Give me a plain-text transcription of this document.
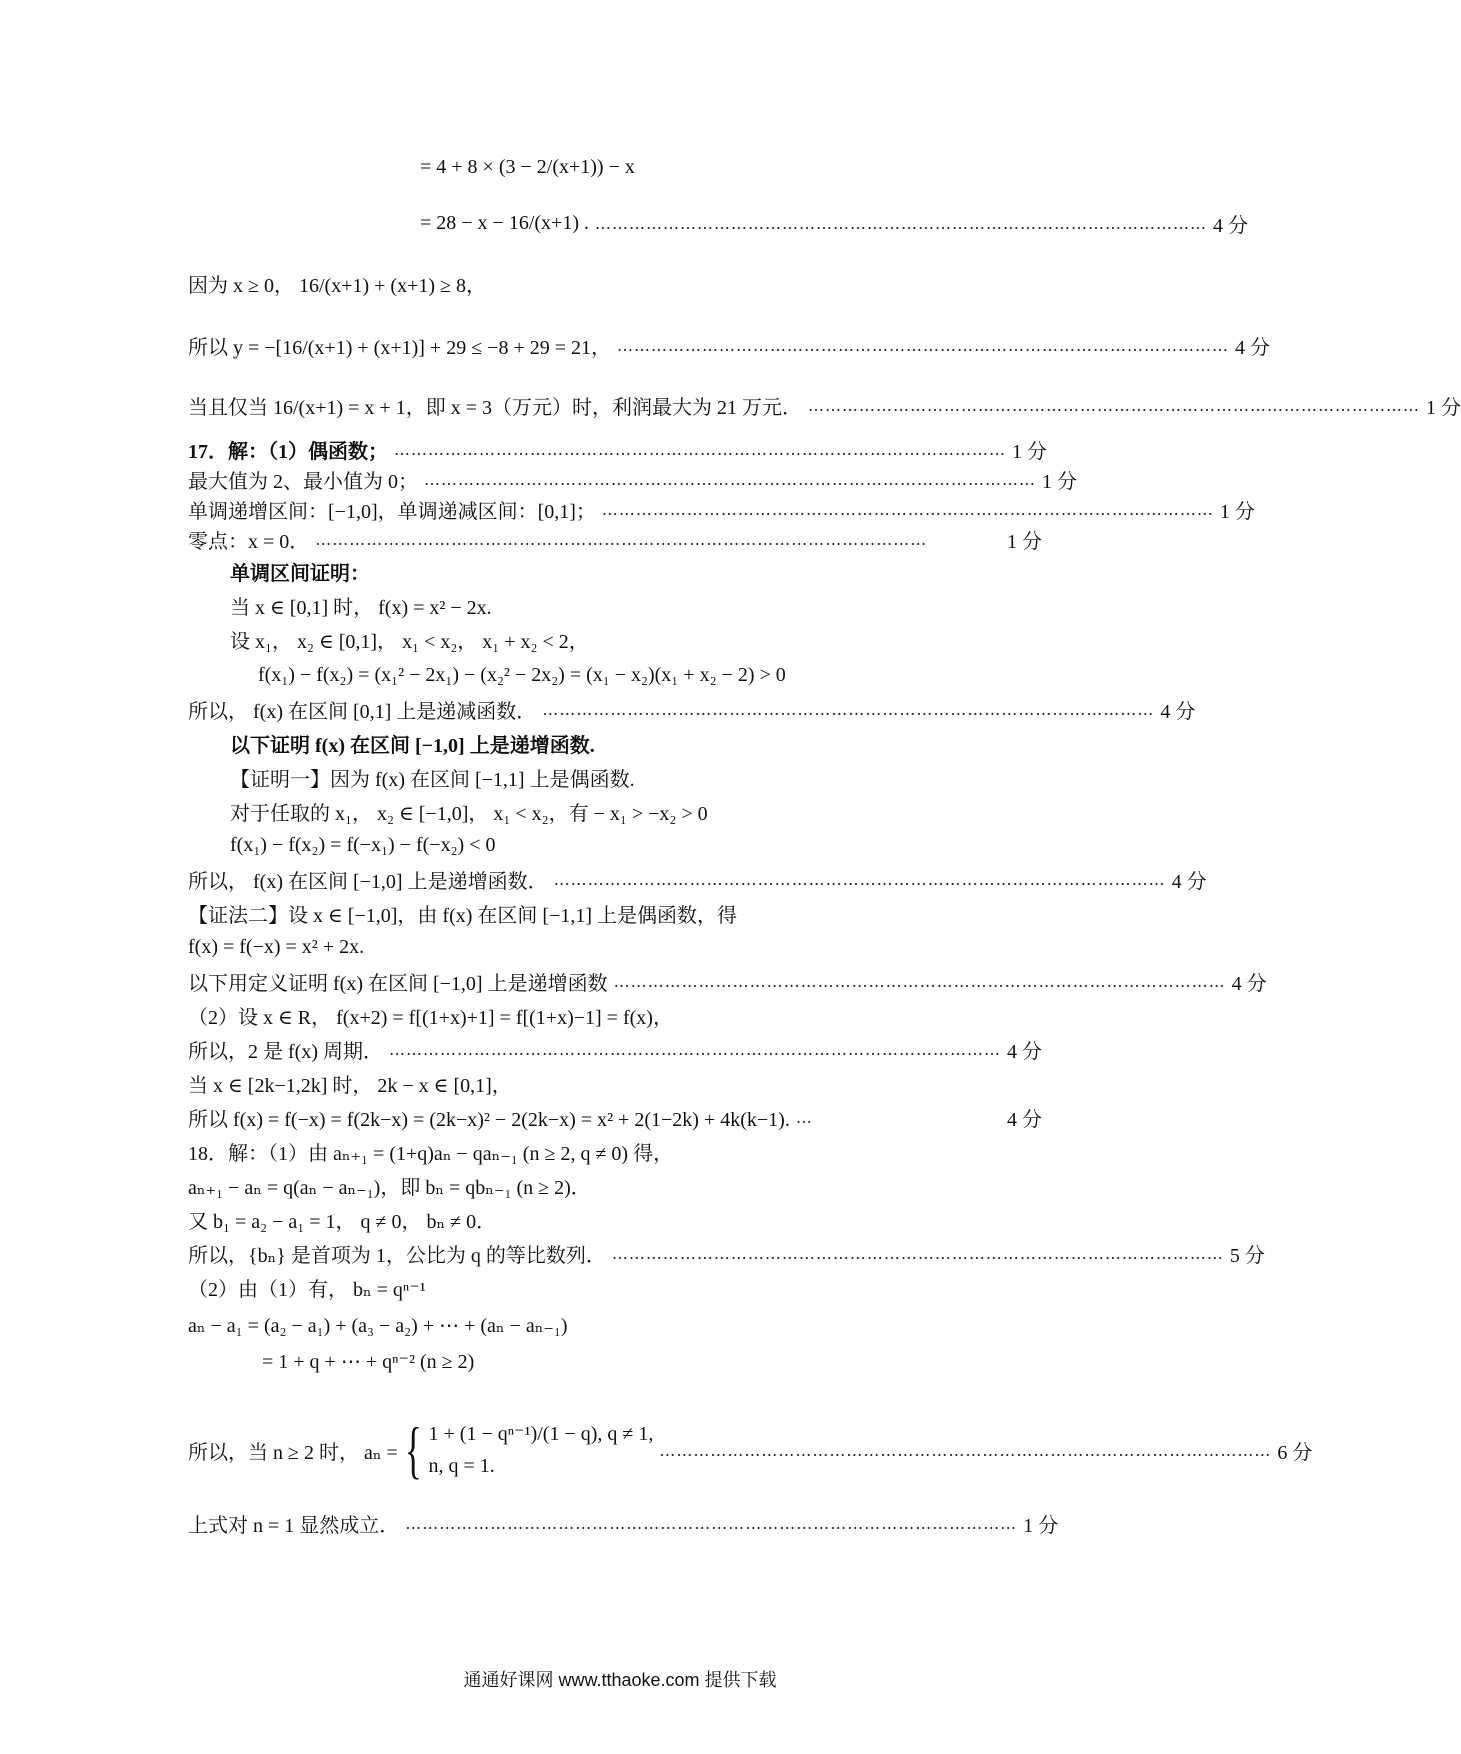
= 4 + 8 × (3 − 2/(x+1)) − x
= 28 − x − 16/(x+1) . ……………………………………………………………………………………………… 4 分
因为 x ≥ 0， 16/(x+1) + (x+1) ≥ 8，
所以 y = −[16/(x+1) + (x+1)] + 29 ≤ −8 + 29 = 21， ……………………………………………………………………………………………… 4 分
当且仅当 16/(x+1) = x + 1，即 x = 3（万元）时，利润最大为 21 万元． ……………………………………………………………………………………………… 1 分
17．解：（1）偶函数； ……………………………………………………………………………………………… 1 分
最大值为 2、最小值为 0； ……………………………………………………………………………………………… 1 分
单调递增区间：[−1,0]，单调递减区间：[0,1]； ……………………………………………………………………………………………… 1 分
零点：x = 0． ………………………………………………………………………………………………	1 分
单调区间证明：
当 x ∈ [0,1] 时， f(x) = x² − 2x.
设 x₁， x₂ ∈ [0,1]， x₁ < x₂， x₁ + x₂ < 2，
f(x₁) − f(x₂) = (x₁² − 2x₁) − (x₂² − 2x₂) = (x₁ − x₂)(x₁ + x₂ − 2) > 0
所以， f(x) 在区间 [0,1] 上是递减函数． ……………………………………………………………………………………………… 4 分
以下证明 f(x) 在区间 [−1,0] 上是递增函数.
【证明一】因为 f(x) 在区间 [−1,1] 上是偶函数.
对于任取的 x₁， x₂ ∈ [−1,0]， x₁ < x₂，有 − x₁ > −x₂ > 0
f(x₁) − f(x₂) = f(−x₁) − f(−x₂) < 0
所以， f(x) 在区间 [−1,0] 上是递增函数． ……………………………………………………………………………………………… 4 分
【证法二】设 x ∈ [−1,0]，由 f(x) 在区间 [−1,1] 上是偶函数，得
f(x) = f(−x) = x² + 2x.
以下用定义证明 f(x) 在区间 [−1,0] 上是递增函数 ……………………………………………………………………………………………… 4 分
（2）设 x ∈ R， f(x+2) = f[(1+x)+1] = f[(1+x)−1] = f(x)，
所以，2 是 f(x) 周期． ……………………………………………………………………………………………… 4 分
当 x ∈ [2k−1,2k] 时， 2k − x ∈ [0,1]，
所以 f(x) = f(−x) = f(2k−x) = (2k−x)² − 2(2k−x) = x² + 2(1−2k) + 4k(k−1). …	4 分
18．解：（1）由 aₙ₊₁ = (1+q)aₙ − qaₙ₋₁ (n ≥ 2, q ≠ 0) 得，
aₙ₊₁ − aₙ = q(aₙ − aₙ₋₁)，即 bₙ = qbₙ₋₁ (n ≥ 2)．
又 b₁ = a₂ − a₁ = 1， q ≠ 0， bₙ ≠ 0．
所以，{bₙ} 是首项为 1，公比为 q 的等比数列． ……………………………………………………………………………………………… 5 分
（2）由（1）有， bₙ = qⁿ⁻¹
aₙ − a₁ = (a₂ − a₁) + (a₃ − a₂) + ⋯ + (aₙ − aₙ₋₁)
= 1 + q + ⋯ + qⁿ⁻² (n ≥ 2)
所以，当 n ≥ 2 时， aₙ = { 1 + (1 − qⁿ⁻¹)/(1 − q), q ≠ 1,
n, q = 1.
……………………………………………………………………………………………… 6 分
上式对 n = 1 显然成立． ……………………………………………………………………………………………… 1 分
通通好课网 www.tthaoke.com 提供下载
